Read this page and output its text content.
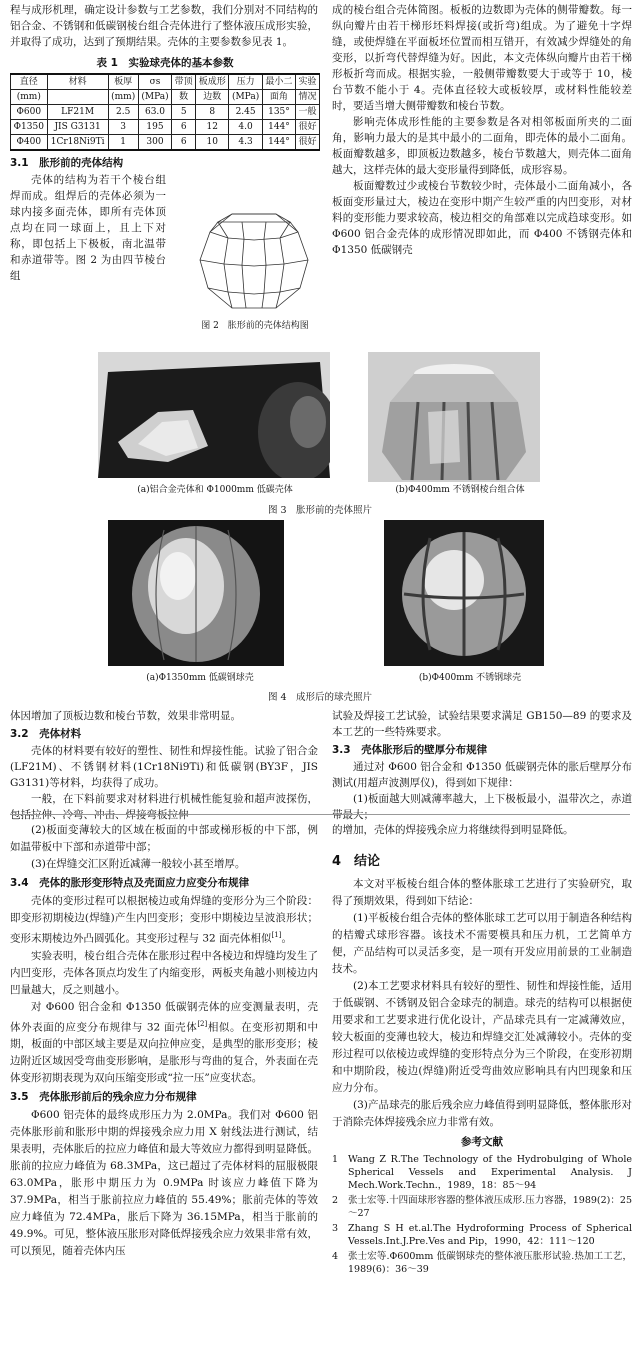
程与成形机理，确定设计参数与工艺参数，我们分别对不同结构的铝合金、不锈钢和低碳钢棱台组合壳体进行了整体液压成形实验，并取得了成功，达到了预期结果。壳体的主要参数参见表 1。

表 1　实验球壳体的基本参数
直径	材料	板厚	σs	带顶	板成形	压力	最小二	实验
(mm)		(mm)	(MPa)	数	边数	(MPa)	面角	情况
Φ600	LF21M	2.5	63.0	5	8	2.45	135°	一般
Φ1350	JIS G3131	3	195	6	12	4.0	144°	很好
Φ400	1Cr18Ni9Ti	1	300	6	10	4.3	144°	很好
3.1　胀形前的壳体结构

壳体的结构为若干个棱台组焊而成。组焊后的壳体必须为一球内接多面壳体，即所有壳体顶点均在同一球面上，且上下对称，即包括上下极板，南北温带和赤道带等。图 2 为由四节棱台组

图 2　胀形前的壳体结构图

成的棱台组合壳体简图。板板的边数即为壳体的侧带瓣数。每一纵向瓣片由若干梯形坯料焊接(或折弯)组成。为了避免十字焊缝，或使焊缝在平面板坯位置而相互错开，有效减少焊缝处的角变形，以折弯代替焊缝为好。因此，本文壳体纵向瓣片由若干梯形板折弯而成。根据实验，一般侧带瓣数要大于或等于 10，棱台节数不能小于 4。壳体直径较大或板较厚，或材料性能较差时，要适当增大侧带瓣数和棱台节数。

影响壳体成形性能的主要参数是各对相邻板面所夹的二面角，影响力最大的是其中最小的二面角，即壳体的最小二面角。板面瓣数越多，即顶板边数越多，棱台节数越大，则壳体二面角越大，这样壳体的最大变形量得到降低，成形容易。

板面瓣数过少或棱台节数较少时，壳体最小二面角减小，各板面变形量过大，棱边在变形中期产生较严重的内凹变形，对材料的变形能力要求较高，棱边相交的角部难以完成趋球变形。如 Φ600 铝合金壳体的成形情况即如此，而 Φ400 不锈钢壳体和 Φ1350 低碳钢壳

(a)铝合金壳体和 Φ1000mm 低碳壳体	(b)Φ400mm 不锈钢棱台组合体
图 3　胀形前的壳体照片
(a)Φ1350mm 低碳钢球壳	(b)Φ400mm 不锈钢球壳
图 4　成形后的球壳照片

体因增加了顶板边数和棱台节数，效果非常明显。

3.2　壳体材料

壳体的材料要有较好的塑性、韧性和焊接性能。试验了铝合金(LF21M)、不锈钢材料(1Cr18Ni9Ti)和低碳钢(BY3F，JIS G3131)等材料，均获得了成功。

一般，在下料前要求对材料进行机械性能复验和超声波探伤，包括拉伸、冷弯、冲击、焊接弯板拉伸

试验及焊接工艺试验，试验结果要求满足 GB150—89 的要求及本工艺的一些特殊要求。

3.3　壳体胀形后的壁厚分布规律

通过对 Φ600 铝合金和 Φ1350 低碳钢壳体的胀后壁厚分布测试(用超声波测厚仪)，得到如下规律：

(1)板面越大则减薄率越大，上下极板最小，温带次之，赤道带最大；

(2)板面变薄较大的区域在板面的中部或梯形板的中下部，例如温带板中下部和赤道带中部；

(3)在焊缝交汇区附近减薄一般较小甚至增厚。

3.4　壳体的胀形变形特点及壳面应力应变分布规律

壳体的变形过程可以根据棱边或角焊缝的变形分为三个阶段：即变形初期棱边(焊缝)产生内凹变形；变形中期棱边呈波浪形状；变形末期棱边外凸圆弧化。其变形过程与 32 面壳体相似[1]。

实验表明，棱台组合壳体在胀形过程中各棱边和焊缝均发生了内凹变形，壳体各顶点均发生了内缩变形，两板夹角越小则棱边内凹量越大，反之则越小。

对 Φ600 铝合金和 Φ1350 低碳钢壳体的应变测量表明，壳体外表面的应变分布规律与 32 面壳体[2]相似。在变形初期和中期，板面的中部区域主要是双向拉伸应变，是典型的胀形变形；棱边附近区域因受弯曲变形影响，是胀形与弯曲的复合，外表面在壳体变形初期表现为双向压缩变形或“拉一压”应变状态。

3.5　壳体胀形前后的残余应力分布规律

Φ600 铝壳体的最终成形压力为 2.0MPa。我们对 Φ600 铝壳体胀形前和胀形中期的焊接残余应力用 X 射线法进行测试，结果表明，壳体胀后的拉应力峰值和最大等效应力都得到明显降低。胀前的拉应力峰值为 68.3MPa，这已超过了壳体材料的屈服极限 63.0MPa，胀形中期压力为 0.9MPa 时该应力峰值下降为 37.9MPa，相当于胀前拉应力峰值的 55.49%；胀前壳体的等效应力峰值为 72.4MPa，胀后下降为 36.15MPa，相当于胀前的 49.9%。可见，整体液压胀形对降低焊接残余应力效果非常有效，可以预见，随着壳体内压

的增加，壳体的焊接残余应力将继续得到明显降低。

4　结论

本文对平板棱台组合体的整体胀球工艺进行了实验研究，取得了预期效果，得到如下结论：

(1)平板棱台组合壳体的整体胀球工艺可以用于制造各种结构的桔瓣式球形容器。该技术不需要模具和压力机，工艺简单方便，产品结构可以灵活多变，是一项有开发应用前景的工业制造技术。

(2)本工艺要求材料具有较好的塑性、韧性和焊接性能，适用于低碳钢、不锈钢及铝合金球壳的制造。球壳的结构可以根据使用要求和工艺要求进行优化设计，产品球壳具有一定减薄效应，较大板面的变薄也较大，棱边和焊缝交汇处减薄较小。壳体的变形过程可以依棱边或焊缝的变形特点分为三个阶段，在变形初期和中期阶段，棱边(焊缝)附近受弯曲效应影响具有内凹现象和压应力分布。

(3)产品球壳的胀后残余应力峰值得到明显降低，整体胀形对于消除壳体焊接残余应力非常有效。

参考文献
1	Wang Z R.The Technology of the Hydrobulging of Whole Spherical Vessels and Experimental Analysis. J Mech.Work.Techn.，1989，18：85～94
2	张士宏等.十四面球形容器的整体液压成形.压力容器，1989(2)：25～27
3	Zhang S H et.al.The Hydroforming Process of Spherical Vessels.Int.J.Pre.Ves and Pip，1990，42：111～120
4	张士宏等.Φ600mm 低碳钢球壳的整体液压胀形试验.热加工工艺，1989(6)：36～39
